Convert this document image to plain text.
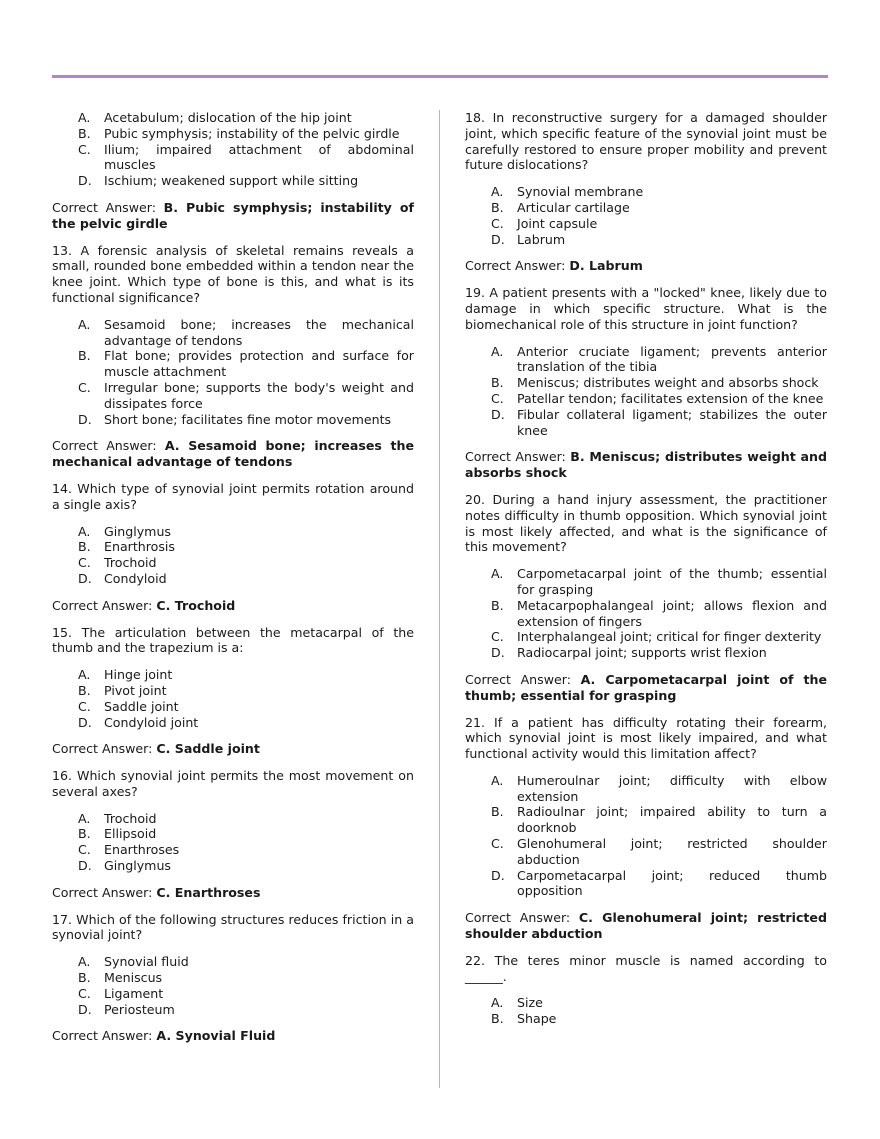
A.	Acetabulum; dislocation of the hip joint
B.	Pubic symphysis; instability of the pelvic girdle
C.	Ilium; impaired attachment of abdominal muscles
D. Ischium; weakened support while sitting
Correct Answer: B. Pubic symphysis; instability of the pelvic girdle
13. A forensic analysis of skeletal remains reveals a small, rounded bone embedded within a tendon near the knee joint. Which type of bone is this, and what is its functional significance?
A.	Sesamoid bone; increases the mechanical advantage of tendons
B.	Flat bone; provides protection and surface for muscle attachment
C.	Irregular bone; supports the body's weight and dissipates force
D. Short bone; facilitates fine motor movements
Correct Answer: A. Sesamoid bone; increases the mechanical advantage of tendons
14. Which type of synovial joint permits rotation around a single axis?
A.	Ginglymus
B.	Enarthrosis
C.	Trochoid
D. Condyloid
Correct Answer: C. Trochoid
15. The articulation between the metacarpal of the thumb and the trapezium is a:
A.	Hinge joint
B.	Pivot joint
C.	Saddle joint
D. Condyloid joint
Correct Answer: C. Saddle joint
16. Which synovial joint permits the most movement on several axes?
A.	Trochoid
B.	Ellipsoid
C.	Enarthroses
D. Ginglymus
Correct Answer: C. Enarthroses
17. Which of the following structures reduces friction in a synovial joint?
A.	Synovial fluid
B.	Meniscus
C.	Ligament
D. Periosteum
Correct Answer: A. Synovial Fluid
18. In reconstructive surgery for a damaged shoulder joint, which specific feature of the synovial joint must be carefully restored to ensure proper mobility and prevent future dislocations?
A.	Synovial membrane
B.	Articular cartilage
C.	Joint capsule
D. Labrum
Correct Answer: D. Labrum
19. A patient presents with a "locked" knee, likely due to damage in which specific structure. What is the biomechanical role of this structure in joint function?
A.	Anterior cruciate ligament; prevents anterior translation of the tibia
B.	Meniscus; distributes weight and absorbs shock
C.	Patellar tendon; facilitates extension of the knee
D. Fibular collateral ligament; stabilizes the outer knee
Correct Answer: B. Meniscus; distributes weight and absorbs shock
20. During a hand injury assessment, the practitioner notes difficulty in thumb opposition. Which synovial joint is most likely affected, and what is the significance of this movement?
A.	Carpometacarpal joint of the thumb; essential for grasping
B.	Metacarpophalangeal joint; allows flexion and extension of fingers
C.	Interphalangeal joint; critical for finger dexterity
D. Radiocarpal joint; supports wrist flexion
Correct Answer: A. Carpometacarpal joint of the thumb; essential for grasping
21. If a patient has difficulty rotating their forearm, which synovial joint is most likely impaired, and what functional activity would this limitation affect?
A.	Humeroulnar joint; difficulty with elbow extension
B.	Radioulnar joint; impaired ability to turn a doorknob
C.	Glenohumeral joint; restricted shoulder abduction
D. Carpometacarpal joint; reduced thumb opposition
Correct Answer: C. Glenohumeral joint; restricted shoulder abduction
22. The teres minor muscle is named according to ______.
A.	Size
B.	Shape
